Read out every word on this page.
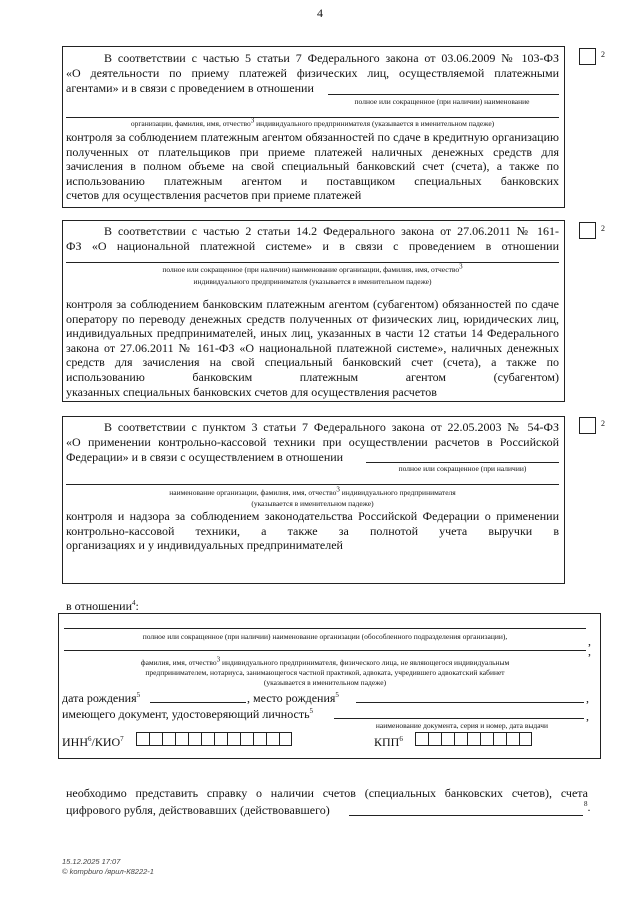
4
2
В соответствии с частью 5 статьи 7 Федерального закона от 03.06.2009 № 103-ФЗ
«О деятельности по приему платежей физических лиц, осуществляемой платежными
агентами» и в связи с проведением в отношении
полное или сокращенное (при наличии) наименование
организации, фамилия, имя, отчество$^3$ индивидуального предпринимателя (указывается в именительном падеже)
контроля за соблюдением платежным агентом обязанностей по сдаче в кредитную организацию полученных от плательщиков при приеме платежей наличных денежных средств для зачисления в полном объеме на свой специальный банковский счет (счета), а также по использованию платежным агентом и поставщиком специальных банковских
счетов для осуществления расчетов при приеме платежей
2
В соответствии с частью 2 статьи 14.2 Федерального закона от 27.06.2011 № 161-
ФЗ «О национальной платежной системе» и в связи с проведением в отношении
полное или сокращенное (при наличии) наименование организации, фамилия, имя, отчество$^3$
индивидуального предпринимателя (указывается в именительном падеже)
контроля за соблюдением банковским платежным агентом (субагентом) обязанностей по сдаче оператору по переводу денежных средств полученных от физических лиц, юридических лиц, индивидуальных предпринимателей, иных лиц, указанных в части 12 статьи 14 Федерального закона от 27.06.2011 № 161-ФЗ «О национальной платежной системе», наличных денежных средств для зачисления на свой специальный банковский счет (счета), а также по использованию банковским платежным агентом (субагентом)
указанных специальных банковских счетов для осуществления расчетов
2
В соответствии с пунктом 3 статьи 7 Федерального закона от 22.05.2003 № 54-ФЗ
«О применении контрольно-кассовой техники при осуществлении расчетов в Российской
Федерации» и в связи с осуществлением в отношении
полное или сокращенное (при наличии)
наименование организации, фамилия, имя, отчество$^3$ индивидуального предпринимателя
(указывается в именительном падеже)
контроля и надзора за соблюдением законодательства Российской Федерации о применении контрольно-кассовой техники, а также за полнотой учета выручки в
организациях и у индивидуальных предпринимателей
в отношении$^4$:
полное или сокращенное (при наличии) наименование организации (обособленного подразделения организации),	,
,
фамилия, имя, отчество$^3$ индивидуального предпринимателя, физического лица, не являющегося индивидуальным
предпринимателем, нотариуса, занимающегося частной практикой, адвоката, учредившего адвокатский кабинет
(указывается в именительном падеже)
дата рождения$^5$	, место рождения$^5$	,
имеющего документ, удостоверяющий личность$^5$	,
наименование документа, серия и номер, дата выдачи
ИНН$^6$/КИО$^7$	КПП$^6$
необходимо представить справку о наличии счетов (специальных банковских счетов), счета
цифрового рубля, действовавших (действовавшего)	$^8$.
15.12.2025 17:07
© kompburo /ярил-К8222-1
